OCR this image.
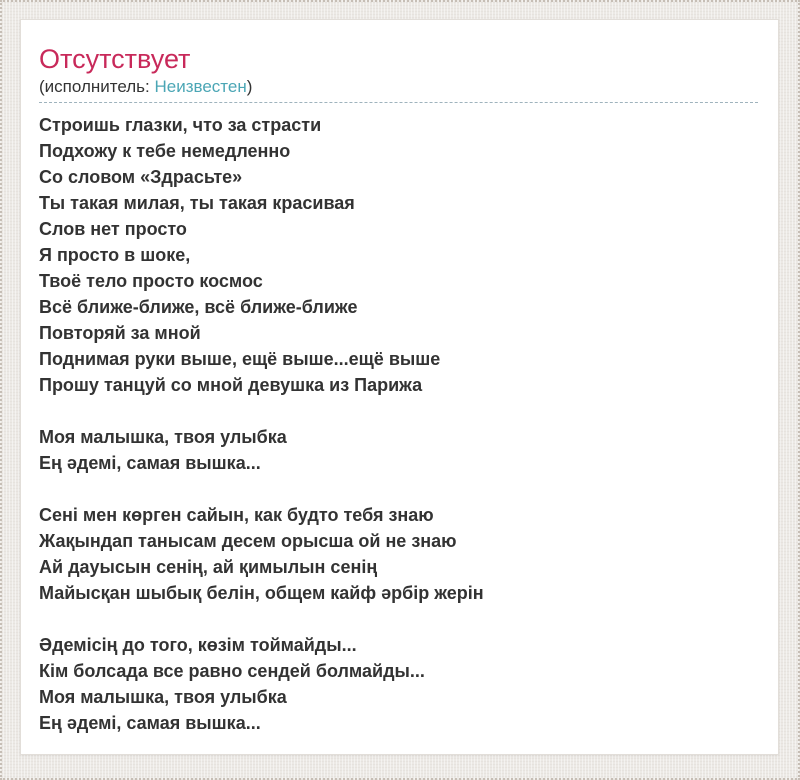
Отсутствует
(исполнитель: Неизвестен)
Строишь глазки, что за страсти
Подхожу к тебе немедленно
Со словом «Здрасьте»
Ты такая милая, ты такая красивая
Слов нет просто
Я просто в шоке,
Твоё тело просто космос
Всё ближе-ближе, всё ближе-ближе
Повторяй за мной
Поднимая руки выше, ещё выше...ещё выше
Прошу танцуй со мной девушка из Парижа
Моя малышка, твоя улыбка
Ең әдемі, самая вышка...
Сені мен көрген сайын, как будто тебя знаю
Жақындап танысам десем орысша ой не знаю
Ай дауысын сенің, ай қимылын сенің
Майысқан шыбық белін, общем кайф әрбір жерін
Әдемісің до того, көзім тоймайды...
Кім болсада все равно сендей болмайды...
Моя малышка, твоя улыбка
Ең әдемі, самая вышка...
